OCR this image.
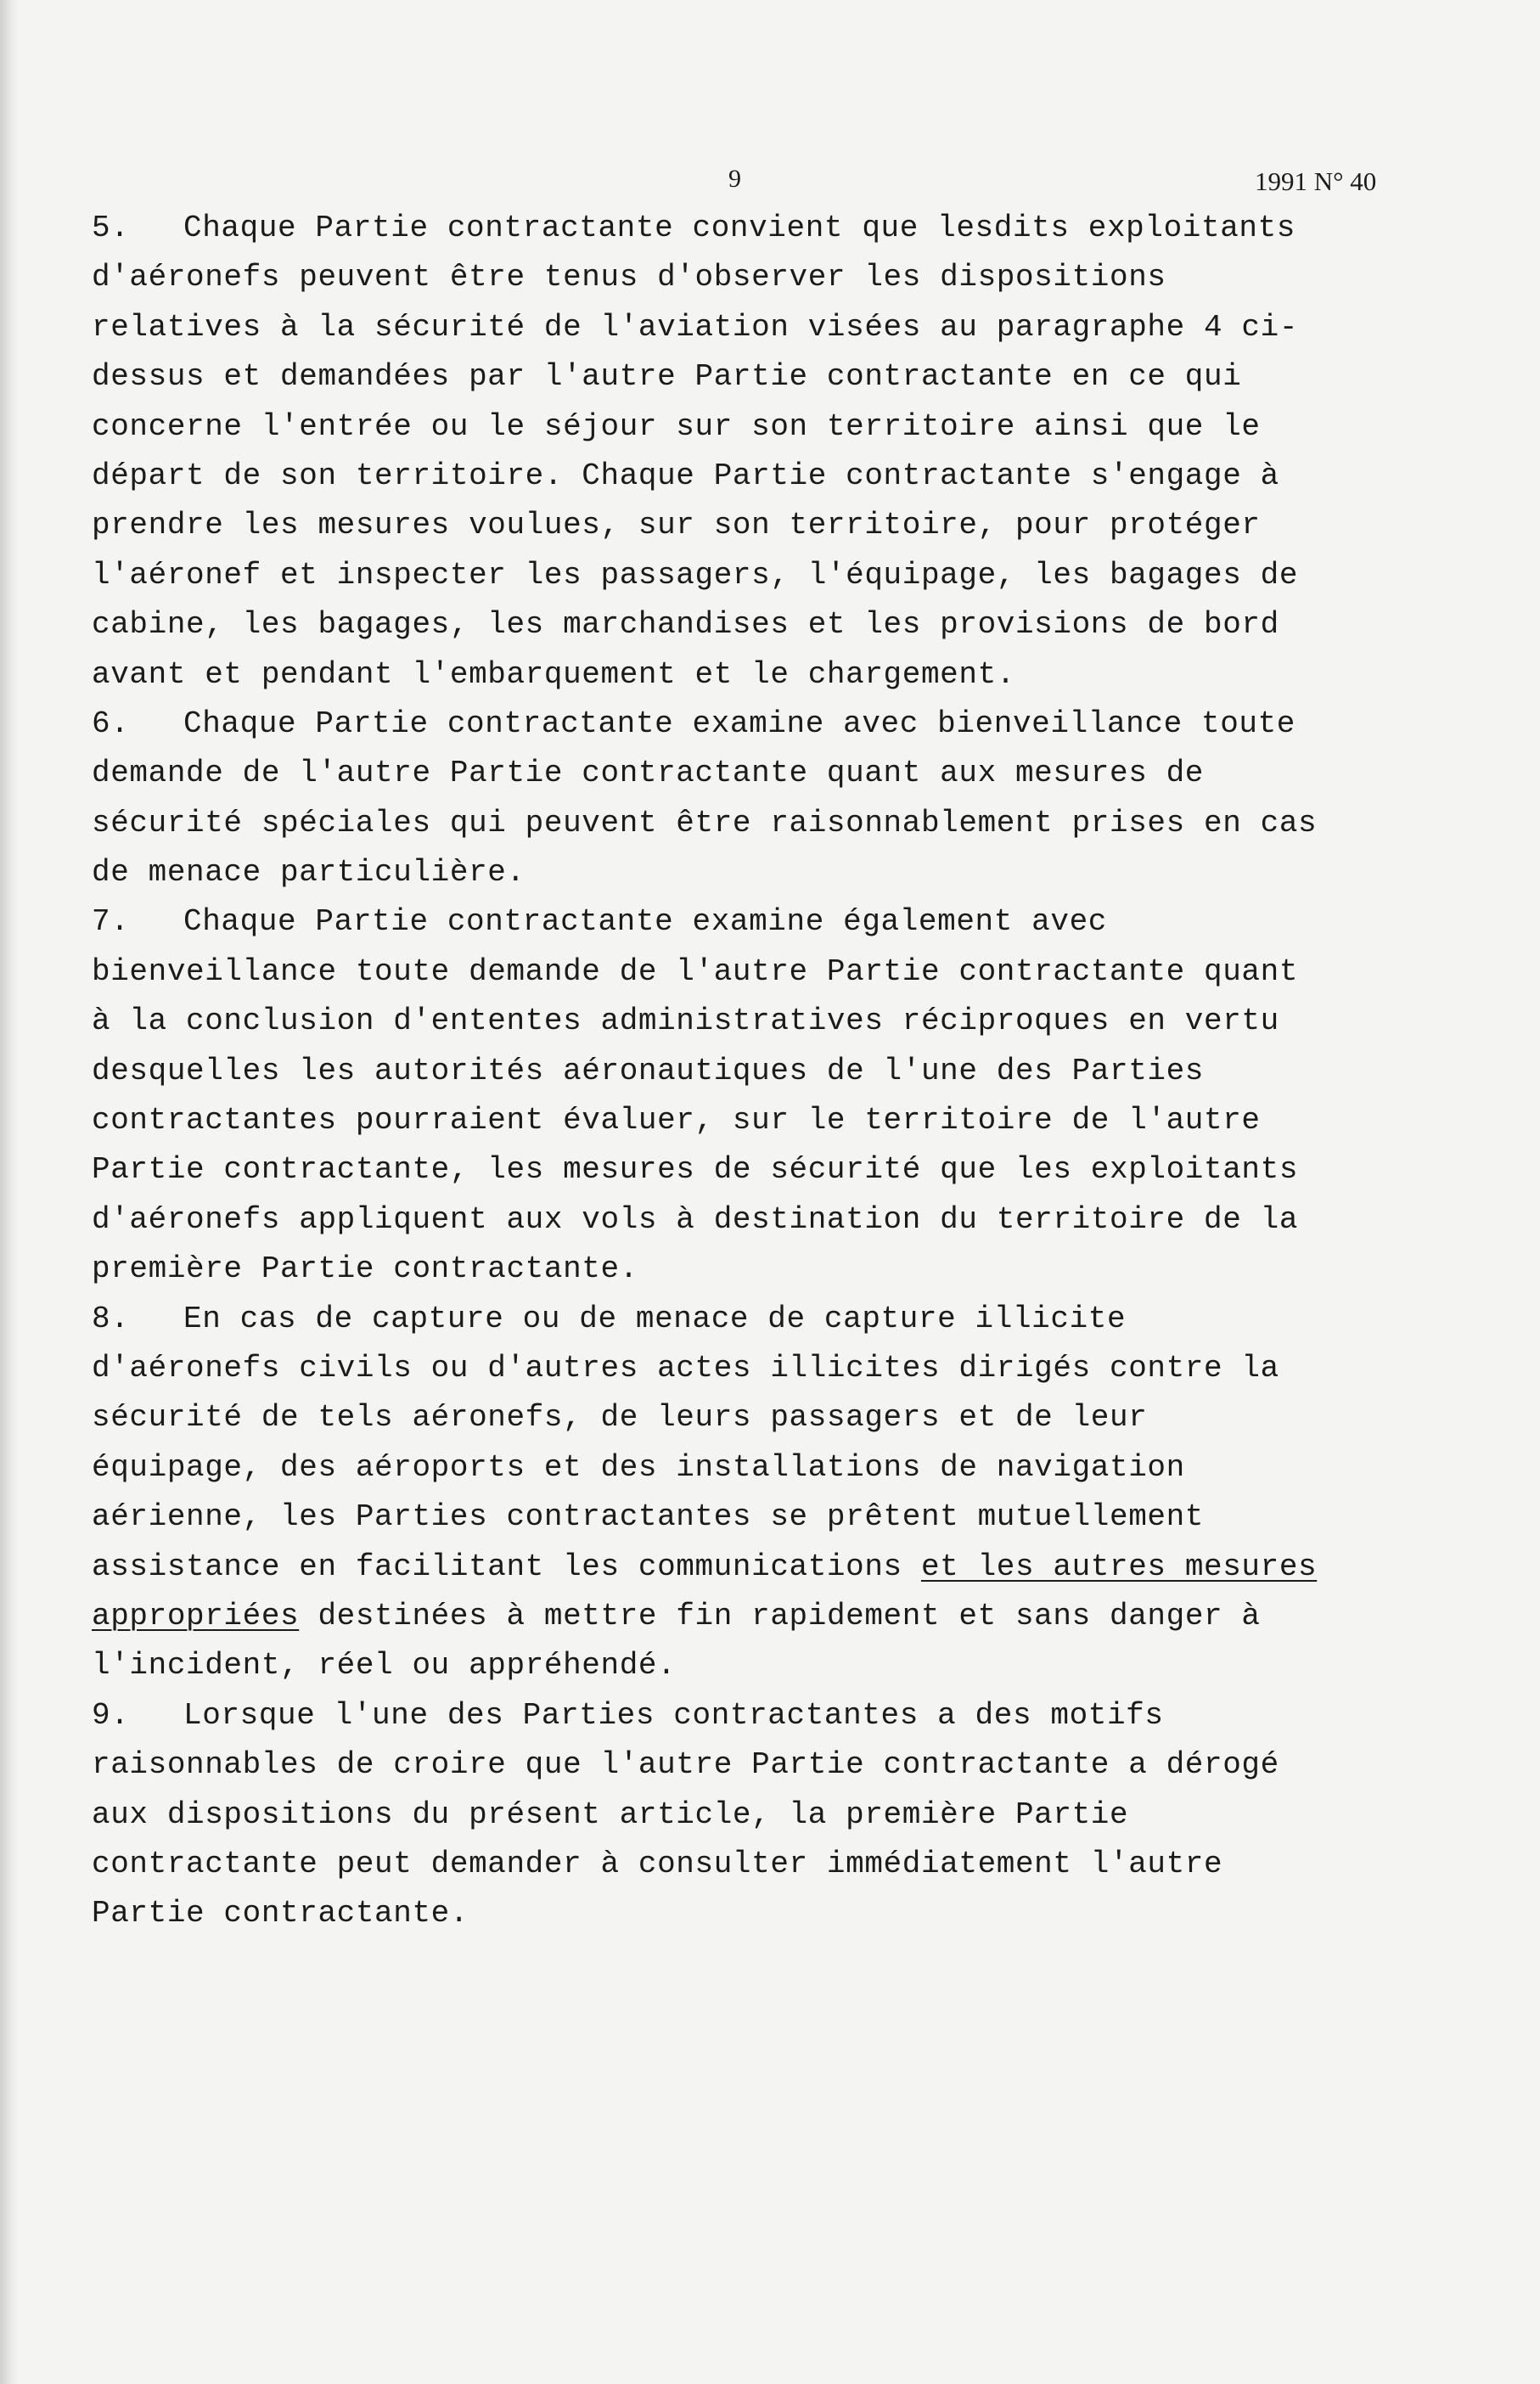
9	1991 N° 40
5. Chaque Partie contractante convient que lesdits exploitants
d'aéronefs peuvent être tenus d'observer les dispositions
relatives à la sécurité de l'aviation visées au paragraphe 4 ci-
dessus et demandées par l'autre Partie contractante en ce qui
concerne l'entrée ou le séjour sur son territoire ainsi que le
départ de son territoire. Chaque Partie contractante s'engage à
prendre les mesures voulues, sur son territoire, pour protéger
l'aéronef et inspecter les passagers, l'équipage, les bagages de
cabine, les bagages, les marchandises et les provisions de bord
avant et pendant l'embarquement et le chargement.
6. Chaque Partie contractante examine avec bienveillance toute
demande de l'autre Partie contractante quant aux mesures de
sécurité spéciales qui peuvent être raisonnablement prises en cas
de menace particulière.
7. Chaque Partie contractante examine également avec
bienveillance toute demande de l'autre Partie contractante quant
à la conclusion d'ententes administratives réciproques en vertu
desquelles les autorités aéronautiques de l'une des Parties
contractantes pourraient évaluer, sur le territoire de l'autre
Partie contractante, les mesures de sécurité que les exploitants
d'aéronefs appliquent aux vols à destination du territoire de la
première Partie contractante.
8. En cas de capture ou de menace de capture illicite
d'aéronefs civils ou d'autres actes illicites dirigés contre la
sécurité de tels aéronefs, de leurs passagers et de leur
équipage, des aéroports et des installations de navigation
aérienne, les Parties contractantes se prêtent mutuellement
assistance en facilitant les communications et les autres mesures
appropriées destinées à mettre fin rapidement et sans danger à
l'incident, réel ou appréhendé.
9. Lorsque l'une des Parties contractantes a des motifs
raisonnables de croire que l'autre Partie contractante a dérogé
aux dispositions du présent article, la première Partie
contractante peut demander à consulter immédiatement l'autre
Partie contractante.
